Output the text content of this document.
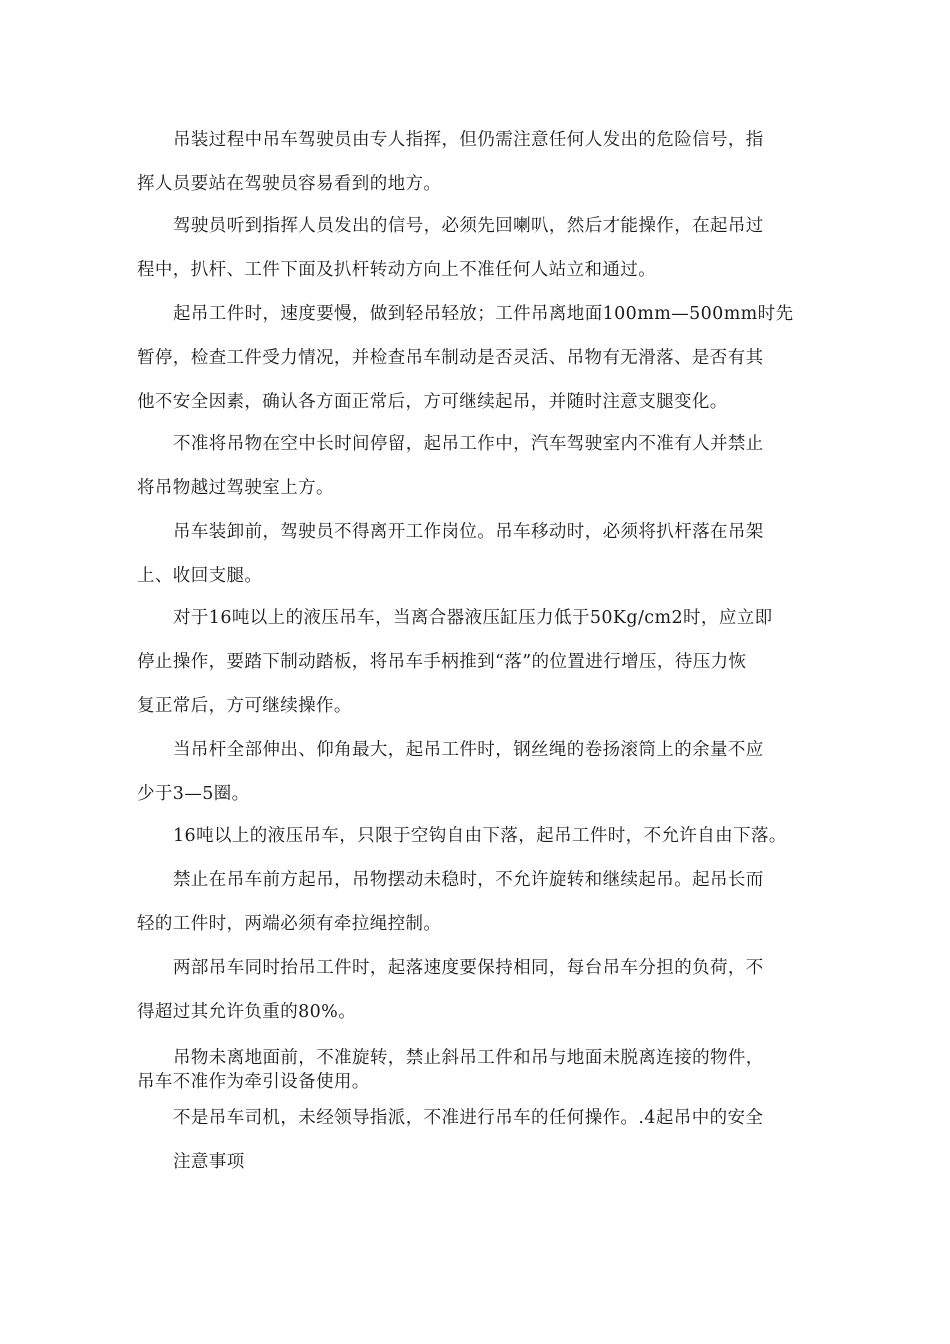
吊装过程中吊车驾驶员由专人指挥，但仍需注意任何人发出的危险信号，指
挥人员要站在驾驶员容易看到的地方。

驾驶员听到指挥人员发出的信号，必须先回喇叭，然后才能操作，在起吊过
程中，扒杆、工件下面及扒杆转动方向上不准任何人站立和通过。

起吊工件时，速度要慢，做到轻吊轻放；工件吊离地面100mm—500mm时先
暂停，检查工件受力情况，并检查吊车制动是否灵活、吊物有无滑落、是否有其
他不安全因素，确认各方面正常后，方可继续起吊，并随时注意支腿变化。

不准将吊物在空中长时间停留，起吊工作中，汽车驾驶室内不准有人并禁止
将吊物越过驾驶室上方。

吊车装卸前，驾驶员不得离开工作岗位。吊车移动时，必须将扒杆落在吊架
上、收回支腿。

对于16吨以上的液压吊车，当离合器液压缸压力低于50Kg/cm2时，应立即
停止操作，要踏下制动踏板，将吊车手柄推到“落”的位置进行增压，待压力恢
复正常后，方可继续操作。

当吊杆全部伸出、仰角最大，起吊工件时，钢丝绳的卷扬滚筒上的余量不应
少于3—5圈。

16吨以上的液压吊车，只限于空钩自由下落，起吊工件时，不允许自由下落。

禁止在吊车前方起吊，吊物摆动未稳时，不允许旋转和继续起吊。起吊长而
轻的工件时，两端必须有牵拉绳控制。

两部吊车同时抬吊工件时，起落速度要保持相同，每台吊车分担的负荷，不
得超过其允许负重的80%。

吊物未离地面前，不准旋转，禁止斜吊工件和吊与地面未脱离连接的物件，
吊车不准作为牵引设备使用。

不是吊车司机，未经领导指派，不准进行吊车的任何操作。.4起吊中的安全
注意事项
